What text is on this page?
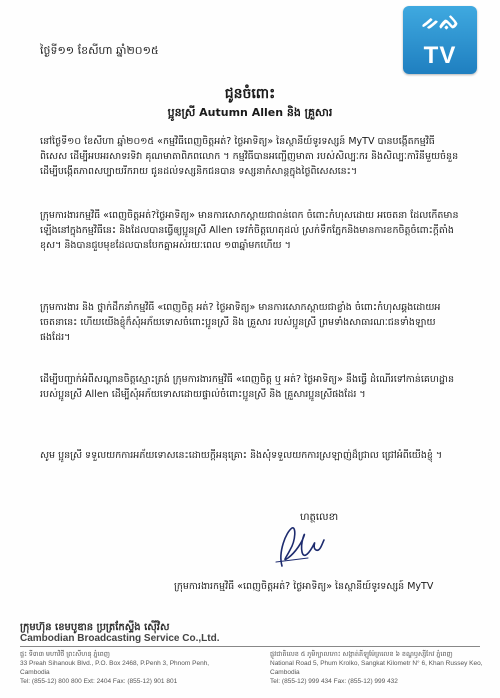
ᨀᨁ
TV
ថ្ងៃទី១១ ខែសីហា ឆ្នាំ២០១៥
ជូនចំពោះ
ប្អូនស្រី Autumn Allen និង គ្រួសារ

នៅថ្ងៃទី១០ ខែសីហា ឆ្នាំ២០១៥ «កម្មវិធីពេញចិត្តអត់? ថ្ងៃអាទិត្យ» នៃស្ថានីយ៍ទូរទស្សន៍ MyTV បានបង្កើតកម្មវិធីពិសេស ដើម្បីអបអរសាទរទិវា គុណមាតាពិភពលោក ។ កម្មវិធីបានអញ្ជើញមាតា របស់សិល្បៈករ និងសិល្បៈការិនីមួយចំនួន ដើម្បីបង្កើតភាពសប្បាយរីករាយ ជូនដល់ទស្សនិកជនបាន ទស្សនាកំសាន្តក្នុងថ្ងៃពិសេសនេះ។

ក្រុមការងារកម្មវិធី «ពេញចិត្តអត់?ថ្ងៃអាទិត្យ» មានការសោកស្តាយជាពន់ពេក ចំពោះកំហុសដោយ អចេតនា ដែលកើតមានឡើងនៅក្នុងកម្មវិធីនេះ និងដែលបានធ្វើឲ្យប្អូនស្រី Allen ទេវកំចិត្តហេតុដល់ ស្រក់ទឹកភ្នែកនិងមានការខកចិត្តចំពោះក្តីតាំងខុស។ និងបានជួបមុខដែលបានបែកគ្នាអស់រយៈពេល ១៣ឆ្នាំមកហើយ ។

ក្រុមការងារ និង ថ្នាក់ដឹកនាំកម្មវិធី «ពេញចិត្ត អត់? ថ្ងៃអាទិត្យ» មានការសោកស្តាយជាខ្លាំង ចំពោះកំហុសឆ្គងដោយអចេតនានេះ ហើយយើងខ្ញុំក៏សុំអភ័យទោសចំពោះប្អូនស្រី និង គ្រួសារ របស់ប្អូនស្រី ព្រមទាំងសាធារណៈជនទាំងឡាយផងដែរ។

ដើម្បីបញ្ជាក់អំពីសណ្តានចិត្តស្មោះត្រង់ ក្រុមការងារកម្មវិធី «ពេញចិត្ត ឬ អត់? ថ្ងៃអាទិត្យ» នឹងធ្វើ ដំណើរទៅកាន់គេហដ្ឋានរបស់ប្អូនស្រី Allen ដើម្បីសុំអភ័យទោសដោយផ្ទាល់ចំពោះប្អូនស្រី និង គ្រួសារប្អូនស្រីផងដែរ ។

សូម ប្អូនស្រី ទទួលយកការអភ័យទោសនេះដោយក្តីអនុគ្រោះ និងសុំទទួលយកការស្រឡាញ់ដ៏ជ្រាល ជ្រៅអំពីយើងខ្ញុំ ។

ហត្ថលេខា
ក្រុមការងារកម្មវិធី «ពេញចិត្តអត់? ថ្ងៃអាទិត្យ» នៃស្ថានីយ៍ទូរទស្សន៍ MyTV
ក្រុមហ៊ុន ខេមបូឌាន ប្រត្រកែស្ទីង ស៊ើវិស
Cambodian Broadcasting Service Co.,Ltd.
ផ្ទះ ទី៣៣ មហាវិថី ព្រះសីហនុ ភ្នំពេញ
33 Preah Sihanouk Blvd., P.O. Box 2468, P.Penh 3, Phnom Penh, Cambodia
Tel: (855-12) 800 800 Ext: 2404 Fax: (855-12) 901 801
ផ្លូវជាតិលេខ ៥ ភូមិក្បាលកោះ សង្កាត់គីឡូម៉ែត្រលេខ ៦ ខណ្ឌឫស្សីកែវ ភ្នំពេញ
National Road 5, Phum Krolko, Sangkat Kilometr N° 6, Khan Russey Keo, Cambodia
Tel: (855-12) 999 434 Fax: (855-12) 999 432
